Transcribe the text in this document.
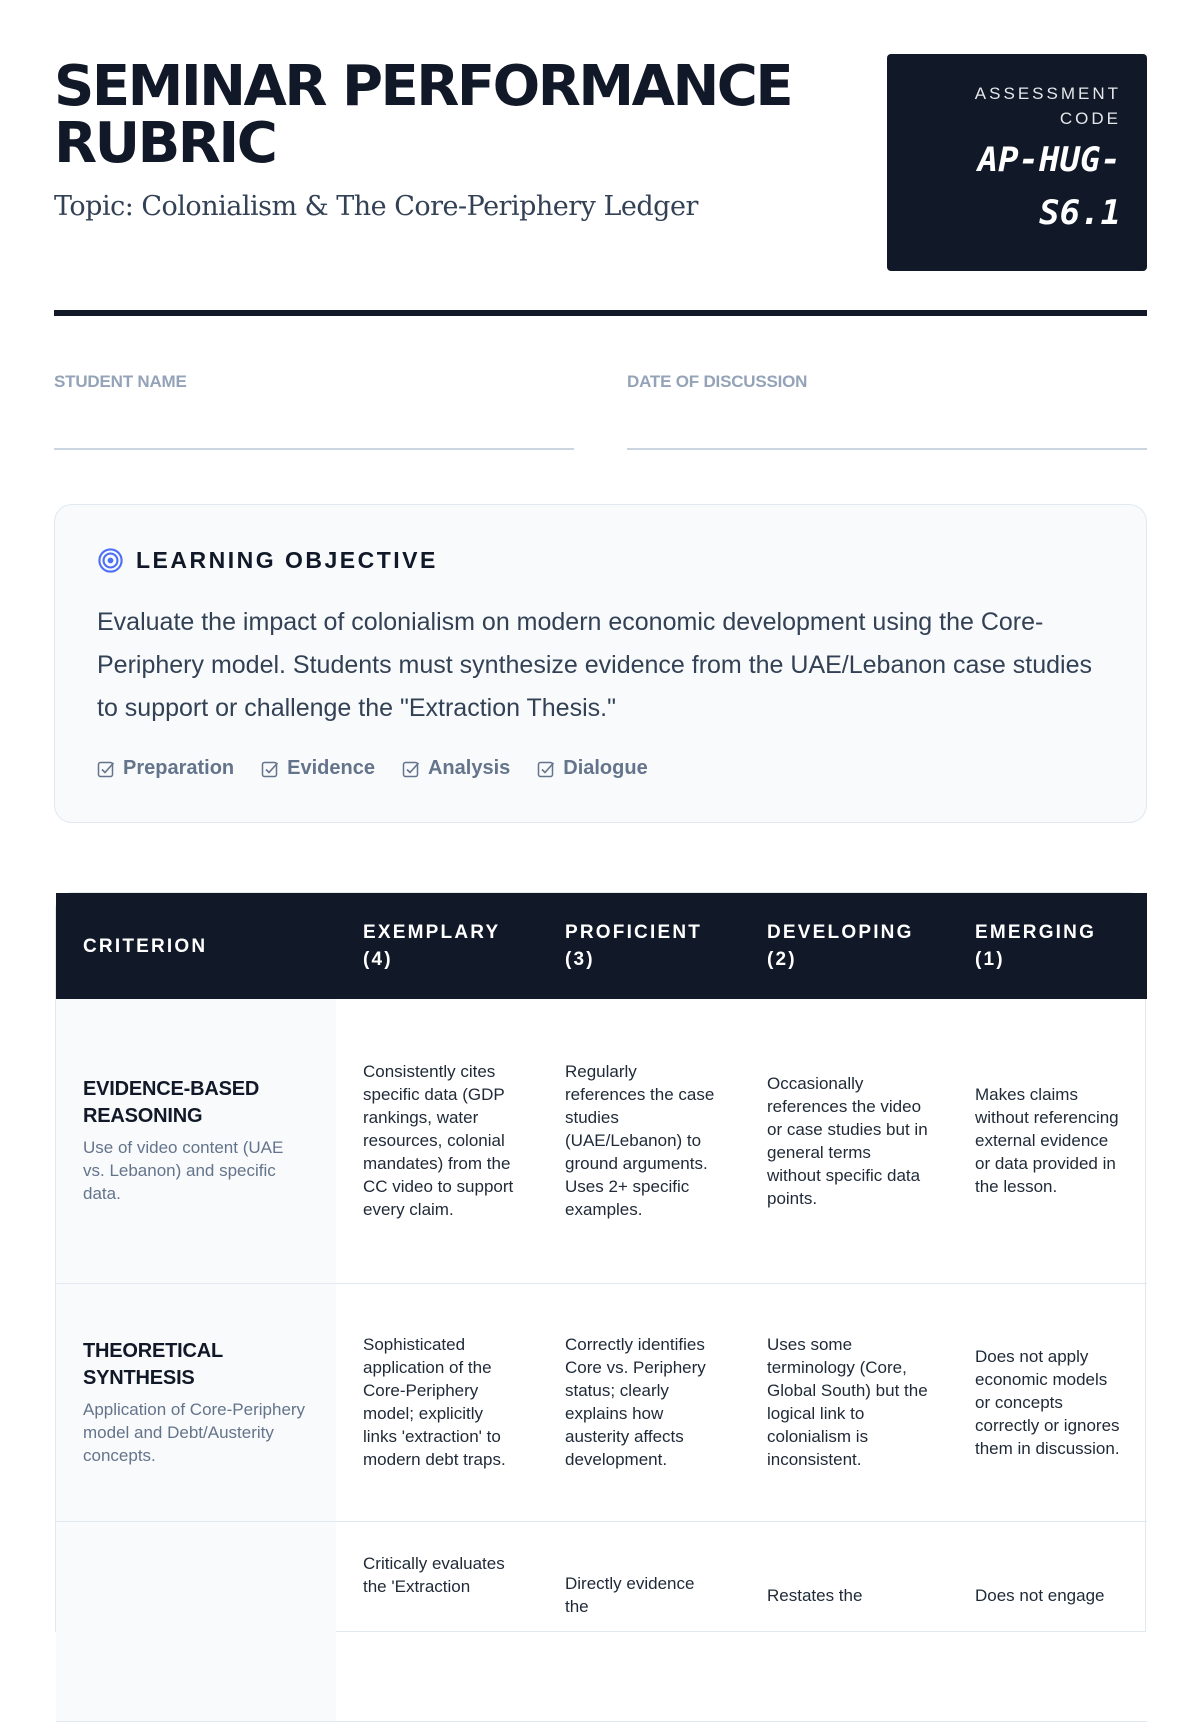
SEMINAR PERFORMANCE RUBRIC
Topic: Colonialism & The Core-Periphery Ledger
ASSESSMENT CODE
AP-HUG-S6.1
STUDENT NAME	DATE OF DISCUSSION
LEARNING OBJECTIVE

Evaluate the impact of colonialism on modern economic development using the Core-Periphery model. Students must synthesize evidence from the UAE/Lebanon case studies to support or challenge the "Extraction Thesis."

Preparation	Evidence	Analysis	Dialogue
CRITERION	EXEMPLARY (4)	PROFICIENT (3)	DEVELOPING (2)	EMERGING (1)

EVIDENCE-BASED REASONING
Use of video content (UAE vs. Lebanon) and specific data.	Consistently cites specific data (GDP rankings, water resources, colonial mandates) from the CC video to support every claim.	Regularly references the case studies (UAE/Lebanon) to ground arguments. Uses 2+ specific examples.	Occasionally references the video or case studies but in general terms without specific data points.	Makes claims without referencing external evidence or data provided in the lesson.

THEORETICAL SYNTHESIS
Application of Core-Periphery model and Debt/Austerity concepts.	Sophisticated application of the Core-Periphery model; explicitly links 'extraction' to modern debt traps.	Correctly identifies Core vs. Periphery status; clearly explains how austerity affects development.	Uses some terminology (Core, Global South) but the logical link to colonialism is inconsistent.	Does not apply economic models or concepts correctly or ignores them in discussion.

	Critically evaluates the 'Extraction	Directly evidence the	Restates the	Does not engage
